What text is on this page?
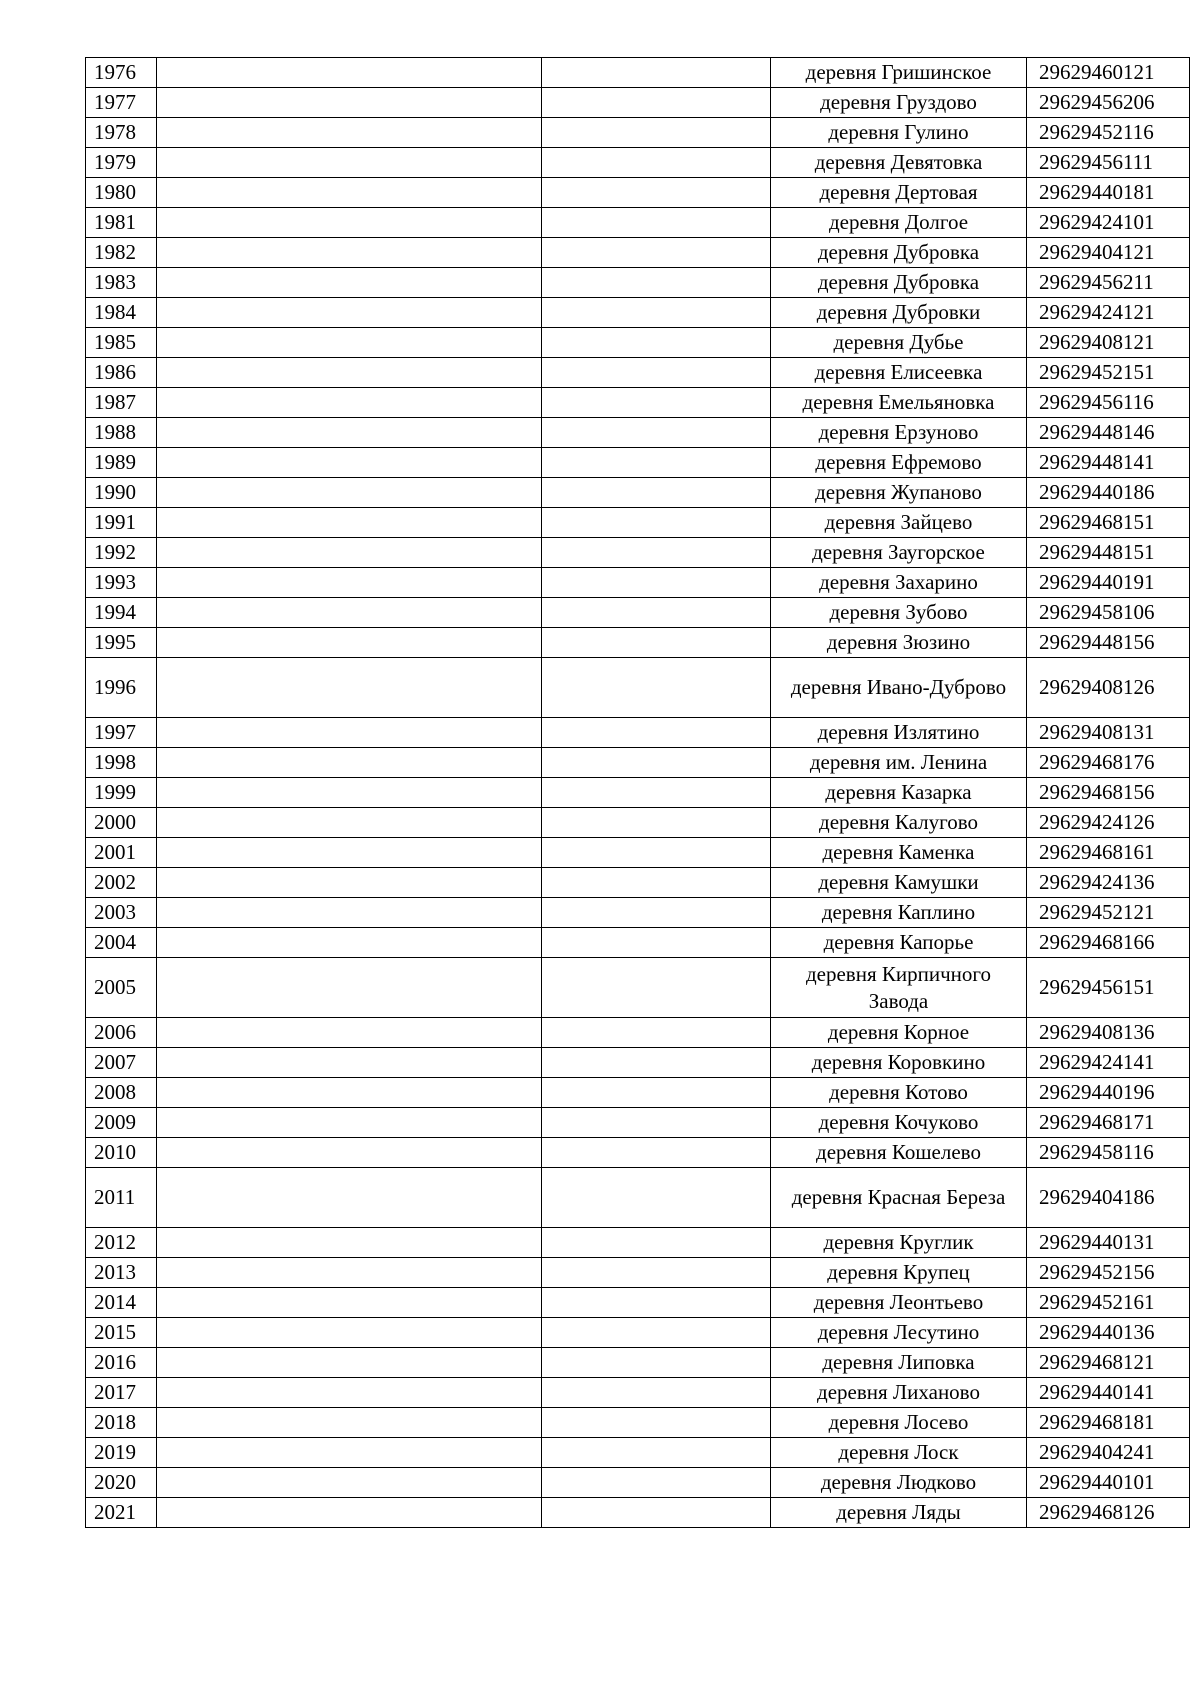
1976			деревня Гришинское	29629460121
1977			деревня Груздово	29629456206
1978			деревня Гулино	29629452116
1979			деревня Девятовка	29629456111
1980			деревня Дертовая	29629440181
1981			деревня Долгое	29629424101
1982			деревня Дубровка	29629404121
1983			деревня Дубровка	29629456211
1984			деревня Дубровки	29629424121
1985			деревня Дубье	29629408121
1986			деревня Елисеевка	29629452151
1987			деревня Емельяновка	29629456116
1988			деревня Ерзуново	29629448146
1989			деревня Ефремово	29629448141
1990			деревня Жупаново	29629440186
1991			деревня Зайцево	29629468151
1992			деревня Заугорское	29629448151
1993			деревня Захарино	29629440191
1994			деревня Зубово	29629458106
1995			деревня Зюзино	29629448156
1996			деревня Ивано-Дуброво	29629408126
1997			деревня Излятино	29629408131
1998			деревня им. Ленина	29629468176
1999			деревня Казарка	29629468156
2000			деревня Калугово	29629424126
2001			деревня Каменка	29629468161
2002			деревня Камушки	29629424136
2003			деревня Каплино	29629452121
2004			деревня Капорье	29629468166
2005			деревня Кирпичного Завода	29629456151
2006			деревня Корное	29629408136
2007			деревня Коровкино	29629424141
2008			деревня Котово	29629440196
2009			деревня Кочуково	29629468171
2010			деревня Кошелево	29629458116
2011			деревня Красная Береза	29629404186
2012			деревня Круглик	29629440131
2013			деревня Крупец	29629452156
2014			деревня Леонтьево	29629452161
2015			деревня Лесутино	29629440136
2016			деревня Липовка	29629468121
2017			деревня Лиханово	29629440141
2018			деревня Лосево	29629468181
2019			деревня Лоск	29629404241
2020			деревня Людково	29629440101
2021			деревня Ляды	29629468126
